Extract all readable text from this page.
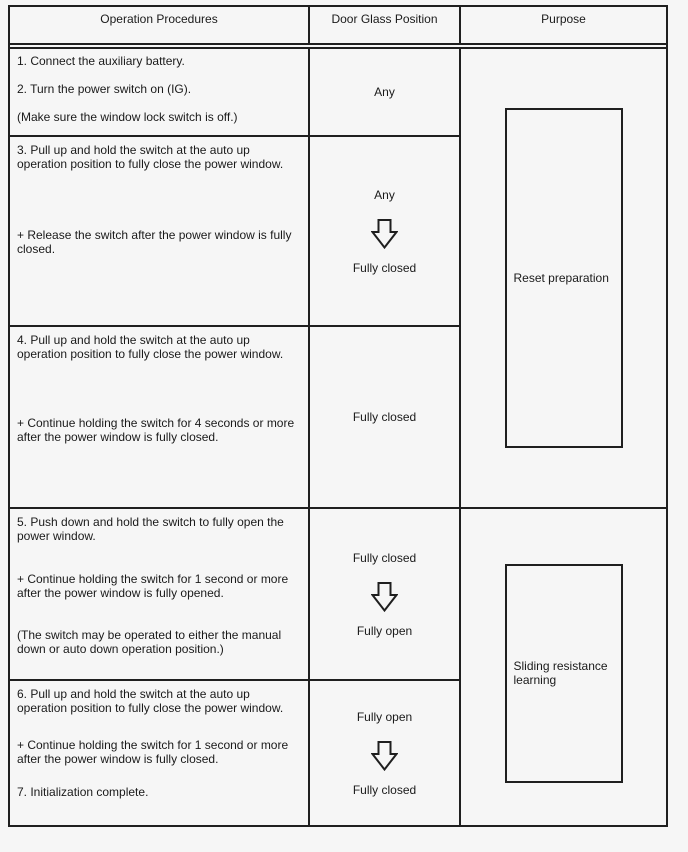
Operation Procedures	Door Glass Position	Purpose

1. Connect the auxiliary battery.

2. Turn the power switch on (IG).

(Make sure the window lock switch is off.)

Any
Reset preparation

3. Pull up and hold the switch at the auto up operation position to fully close the power window.

+ Release the switch after the power window is fully closed.

Any
Fully closed

4. Pull up and hold the switch at the auto up operation position to fully close the power window.

+ Continue holding the switch for 4 seconds or more after the power window is fully closed.

Fully closed

5. Push down and hold the switch to fully open the power window.

+ Continue holding the switch for 1 second or more after the power window is fully opened.

(The switch may be operated to either the manual down or auto down operation position.)

Fully closed
Fully open
Sliding resistance learning

6. Pull up and hold the switch at the auto up operation position to fully close the power window.

+ Continue holding the switch for 1 second or more after the power window is fully closed.

7. Initialization complete.

Fully open
Fully closed
